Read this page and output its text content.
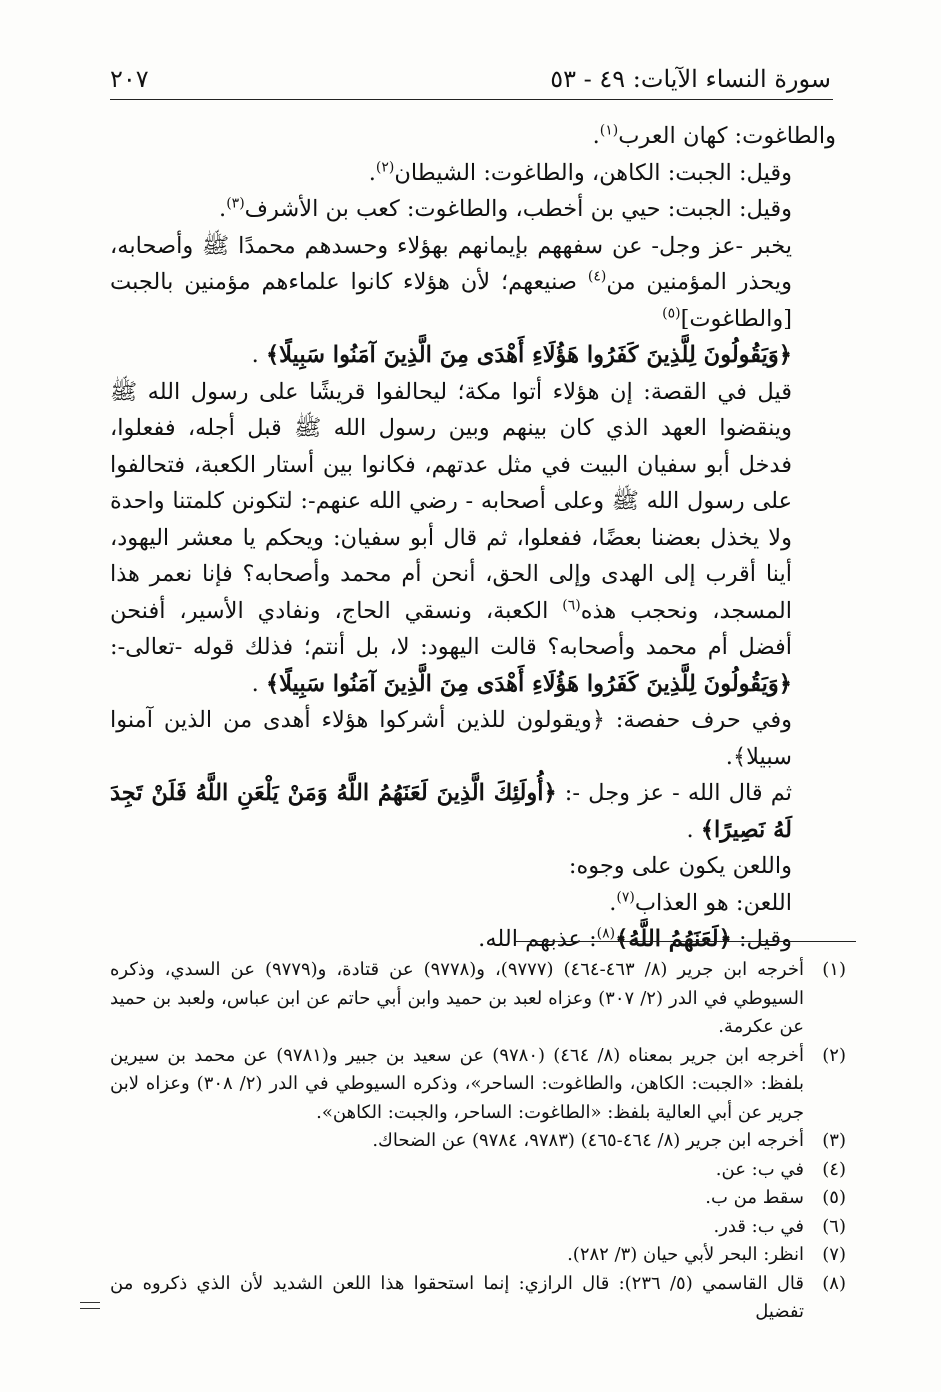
سورة النساء الآيات: ٤٩ - ٥٣
٢٠٧

والطاغوت: كهان العرب$^{(١)}$.

وقيل: الجبت: الكاهن، والطاغوت: الشيطان$^{(٢)}$.

وقيل: الجبت: حيي بن أخطب، والطاغوت: كعب بن الأشرف$^{(٣)}$.

يخبر -عز وجل- عن سفههم بإيمانهم بهؤلاء وحسدهم محمدًا ﷺ وأصحابه، ويحذر المؤمنين من$^{(٤)}$ صنيعهم؛ لأن هؤلاء كانوا علماءهم مؤمنين بالجبت [والطاغوت]$^{(٥)}$

﴿وَيَقُولُونَ لِلَّذِينَ كَفَرُوا هَؤُلَاءِ أَهْدَى مِنَ الَّذِينَ آمَنُوا سَبِيلًا﴾ .

قيل في القصة: إن هؤلاء أتوا مكة؛ ليحالفوا قريشًا على رسول الله ﷺ وينقضوا العهد الذي كان بينهم وبين رسول الله ﷺ قبل أجله، ففعلوا، فدخل أبو سفيان البيت في مثل عدتهم، فكانوا بين أستار الكعبة، فتحالفوا على رسول الله ﷺ وعلى أصحابه - رضي الله عنهم-: لتكونن كلمتنا واحدة ولا يخذل بعضنا بعضًا، ففعلوا، ثم قال أبو سفيان: ويحكم يا معشر اليهود، أينا أقرب إلى الهدى وإلى الحق، أنحن أم محمد وأصحابه؟ فإنا نعمر هذا المسجد، ونحجب هذه$^{(٦)}$ الكعبة، ونسقي الحاج، ونفادي الأسير، أفنحن أفضل أم محمد وأصحابه؟ قالت اليهود: لا، بل أنتم؛ فذلك قوله -تعالى-: ﴿وَيَقُولُونَ لِلَّذِينَ كَفَرُوا هَؤُلَاءِ أَهْدَى مِنَ الَّذِينَ آمَنُوا سَبِيلًا﴾ .

وفي حرف حفصة: ﴿ويقولون للذين أشركوا هؤلاء أهدى من الذين آمنوا سبيلا﴾.

ثم قال الله - عز وجل -: ﴿أُولَئِكَ الَّذِينَ لَعَنَهُمُ اللَّهُ وَمَنْ يَلْعَنِ اللَّهُ فَلَنْ تَجِدَ لَهُ نَصِيرًا﴾ .

واللعن يكون على وجوه:

اللعن: هو العذاب$^{(٧)}$.

وقيل: ﴿لَعَنَهُمُ اللَّهُ﴾$^{(٨)}$: عذبهم الله.

(١)
أخرجه ابن جرير (٨/ ٤٦٣-٤٦٤) (٩٧٧٧)، و(٩٧٧٨) عن قتادة، و(٩٧٧٩) عن السدي، وذكره السيوطي في الدر (٢/ ٣٠٧) وعزاه لعبد بن حميد وابن أبي حاتم عن ابن عباس، ولعبد بن حميد عن عكرمة.
(٢)
أخرجه ابن جرير بمعناه (٨/ ٤٦٤) (٩٧٨٠) عن سعيد بن جبير و(٩٧٨١) عن محمد بن سيرين بلفظ: «الجبت: الكاهن، والطاغوت: الساحر»، وذكره السيوطي في الدر (٢/ ٣٠٨) وعزاه لابن جرير عن أبي العالية بلفظ: «الطاغوت: الساحر، والجبت: الكاهن».
(٣)
أخرجه ابن جرير (٨/ ٤٦٤-٤٦٥) (٩٧٨٣، ٩٧٨٤) عن الضحاك.
(٤)
في ب: عن.
(٥)
سقط من ب.
(٦)
في ب: قدر.
(٧)
انظر: البحر لأبي حيان (٣/ ٢٨٢).
(٨)
قال القاسمي (٥/ ٢٣٦): قال الرازي: إنما استحقوا هذا اللعن الشديد لأن الذي ذكروه من تفضيل
